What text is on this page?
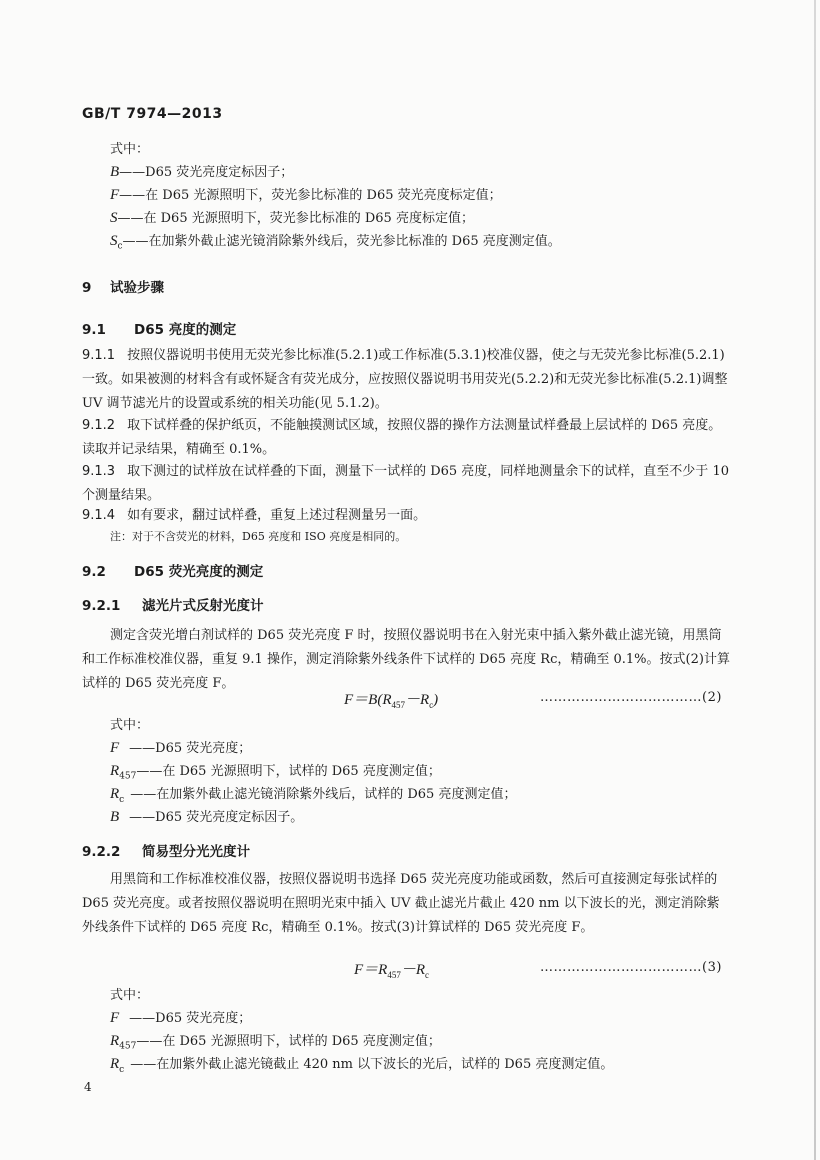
GB/T 7974—2013
式中：
B——D65 荧光亮度定标因子；
F——在 D65 光源照明下，荧光参比标准的 D65 荧光亮度标定值；
S——在 D65 光源照明下，荧光参比标准的 D65 亮度标定值；
$S_c——$在加紫外截止滤光镜消除紫外线后，荧光参比标准的 D65 亮度测定值。
9 试验步骤
9.1 D65 亮度的测定
9.1.1 按照仪器说明书使用无荧光参比标准(5.2.1)或工作标准(5.3.1)校准仪器，使之与无荧光参比标准(5.2.1)一致。如果被测的材料含有或怀疑含有荧光成分，应按照仪器说明书用荧光(5.2.2)和无荧光参比标准(5.2.1)调整 UV 调节滤光片的设置或系统的相关功能(见 5.1.2)。
9.1.2 取下试样叠的保护纸页，不能触摸测试区域，按照仪器的操作方法测量试样叠最上层试样的 D65 亮度。读取并记录结果，精确至 0.1%。
9.1.3 取下测过的试样放在试样叠的下面，测量下一试样的 D65 亮度，同样地测量余下的试样，直至不少于 10 个测量结果。
9.1.4 如有要求，翻过试样叠，重复上述过程测量另一面。
注：对于不含荧光的材料，D65 亮度和 ISO 亮度是相同的。
9.2 D65 荧光亮度的测定
9.2.1 滤光片式反射光度计
测定含荧光增白剂试样的 D65 荧光亮度 F 时，按照仪器说明书在入射光束中插入紫外截止滤光镜，用黑筒和工作标准校准仪器，重复 9.1 操作，测定消除紫外线条件下试样的 D65 亮度 Rc，精确至 0.1%。按式(2)计算试样的 D65 荧光亮度 F。
$F=B(R_{457}-R_c)$	………………………………(2)
式中：
F ——D65 荧光亮度；
$R_{457}——$在 D65 光源照明下，试样的 D65 亮度测定值；
$R_c$ ——在加紫外截止滤光镜消除紫外线后，试样的 D65 亮度测定值；
B ——D65 荧光亮度定标因子。
9.2.2 简易型分光光度计
用黑筒和工作标准校准仪器，按照仪器说明书选择 D65 荧光亮度功能或函数，然后可直接测定每张试样的 D65 荧光亮度。或者按照仪器说明在照明光束中插入 UV 截止滤光片截止 420 nm 以下波长的光，测定消除紫外线条件下试样的 D65 亮度 Rc，精确至 0.1%。按式(3)计算试样的 D65 荧光亮度 F。
$F=R_{457}-R_c$	………………………………(3)
式中：
F ——D65 荧光亮度；
$R_{457}——$在 D65 光源照明下，试样的 D65 亮度测定值；
$R_c$ ——在加紫外截止滤光镜截止 420 nm 以下波长的光后，试样的 D65 亮度测定值。
4
